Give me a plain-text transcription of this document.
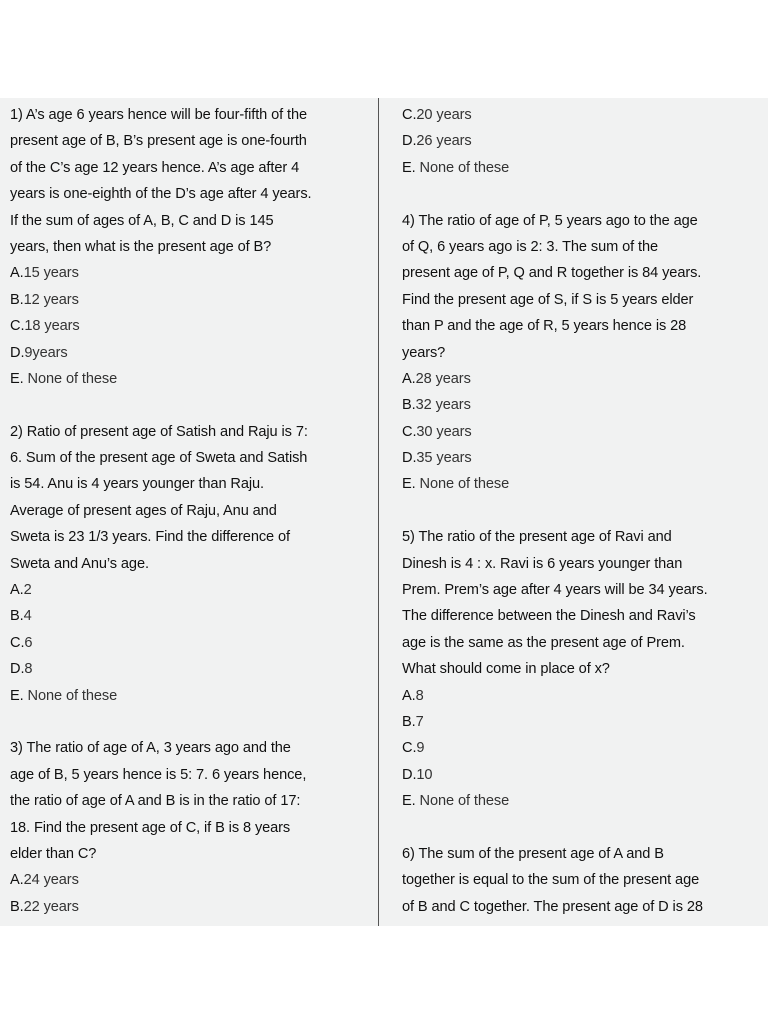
1) A’s age 6 years hence will be four-fifth of the
present age of B, B’s present age is one-fourth
of the C’s age 12 years hence. A’s age after 4
years is one-eighth of the D’s age after 4 years.
If the sum of ages of A, B, C and D is 145
years, then what is the present age of B?
A.15 years
B.12 years
C.18 years
D.9years
E. None of these
2) Ratio of present age of Satish and Raju is 7:
6. Sum of the present age of Sweta and Satish
is 54. Anu is 4 years younger than Raju.
Average of present ages of Raju, Anu and
Sweta is 23 1/3 years. Find the difference of
Sweta and Anu’s age.
A.2
B.4
C.6
D.8
E. None of these
3) The ratio of age of A, 3 years ago and the
age of B, 5 years hence is 5: 7. 6 years hence,
the ratio of age of A and B is in the ratio of 17:
18. Find the present age of C, if B is 8 years
elder than C?
A.24 years
B.22 years
C.20 years
D.26 years
E. None of these
4) The ratio of age of P, 5 years ago to the age
of Q, 6 years ago is 2: 3. The sum of the
present age of P, Q and R together is 84 years.
Find the present age of S, if S is 5 years elder
than P and the age of R, 5 years hence is 28
years?
A.28 years
B.32 years
C.30 years
D.35 years
E. None of these
5) The ratio of the present age of Ravi and
Dinesh is 4 : x. Ravi is 6 years younger than
Prem. Prem’s age after 4 years will be 34 years.
The difference between the Dinesh and Ravi’s
age is the same as the present age of Prem.
What should come in place of x?
A.8
B.7
C.9
D.10
E. None of these
6) The sum of the present age of A and B
together is equal to the sum of the present age
of B and C together. The present age of D is 28
